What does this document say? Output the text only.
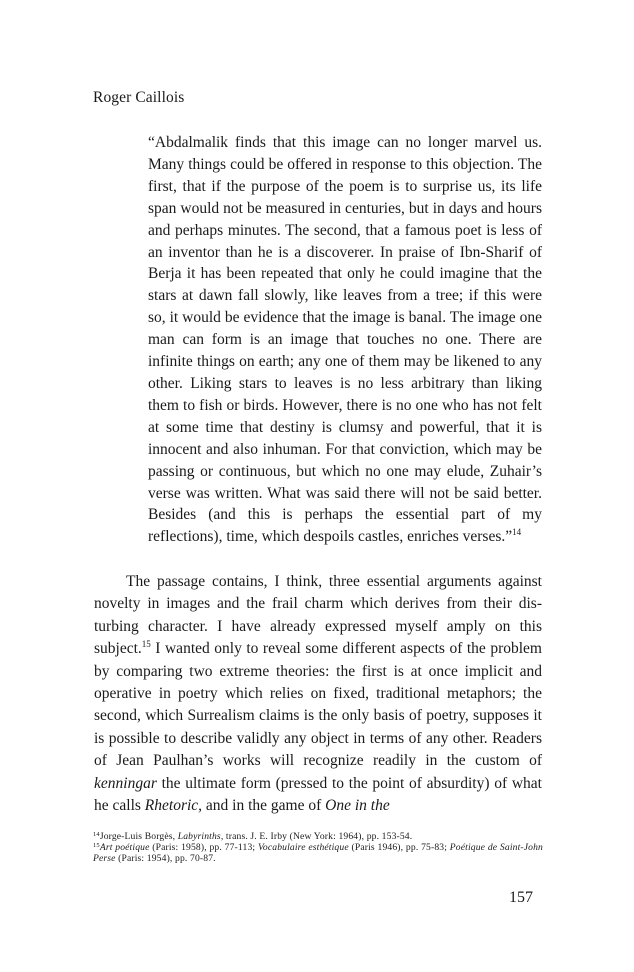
Roger Caillois
“Abdalmalik finds that this image can no longer marvel us. Many things could be offered in response to this objection. The first, that if the purpose of the poem is to surprise us, its life span would not be measured in centuries, but in days and hours and perhaps minutes. The second, that a famous poet is less of an inventor than he is a discoverer. In praise of Ibn-Sharif of Berja it has been repeated that only he could imagine that the stars at dawn fall slowly, like leaves from a tree; if this were so, it would be evidence that the image is banal. The image one man can form is an image that touches no one. There are infinite things on earth; any one of them may be likened to any other. Liking stars to leaves is no less arbitrary than liking them to fish or birds. However, there is no one who has not felt at some time that destiny is clumsy and powerful, that it is innocent and also inhuman. For that conviction, which may be passing or continuous, but which no one may elude, Zuhair’s verse was written. What was said there will not be said better. Besides (and this is perhaps the essential part of my reflections), time, which despoils castles, enriches verses.”$^{14}$
The passage contains, I think, three essential arguments against novelty in images and the frail charm which derives from their disturbing character. I have already expressed myself amply on this subject.$^{15}$ I wanted only to reveal some different aspects of the problem by comparing two extreme theories: the first is at once implicit and operative in poetry which relies on fixed, traditional metaphors; the second, which Surrealism claims is the only basis of poetry, supposes it is possible to describe validly any object in terms of any other. Readers of Jean Paulhan’s works will recognize readily in the custom of kenningar the ultimate form (pressed to the point of absurdity) of what he calls Rhetoric, and in the game of One in the
$^{14}$Jorge-Luis Borgès, Labyrinths, trans. J. E. Irby (New York: 1964), pp. 153-54.
$^{15}$Art poétique (Paris: 1958), pp. 77-113; Vocabulaire esthétique (Paris 1946), pp. 75-83; Poétique de Saint-John Perse (Paris: 1954), pp. 70-87.
157
